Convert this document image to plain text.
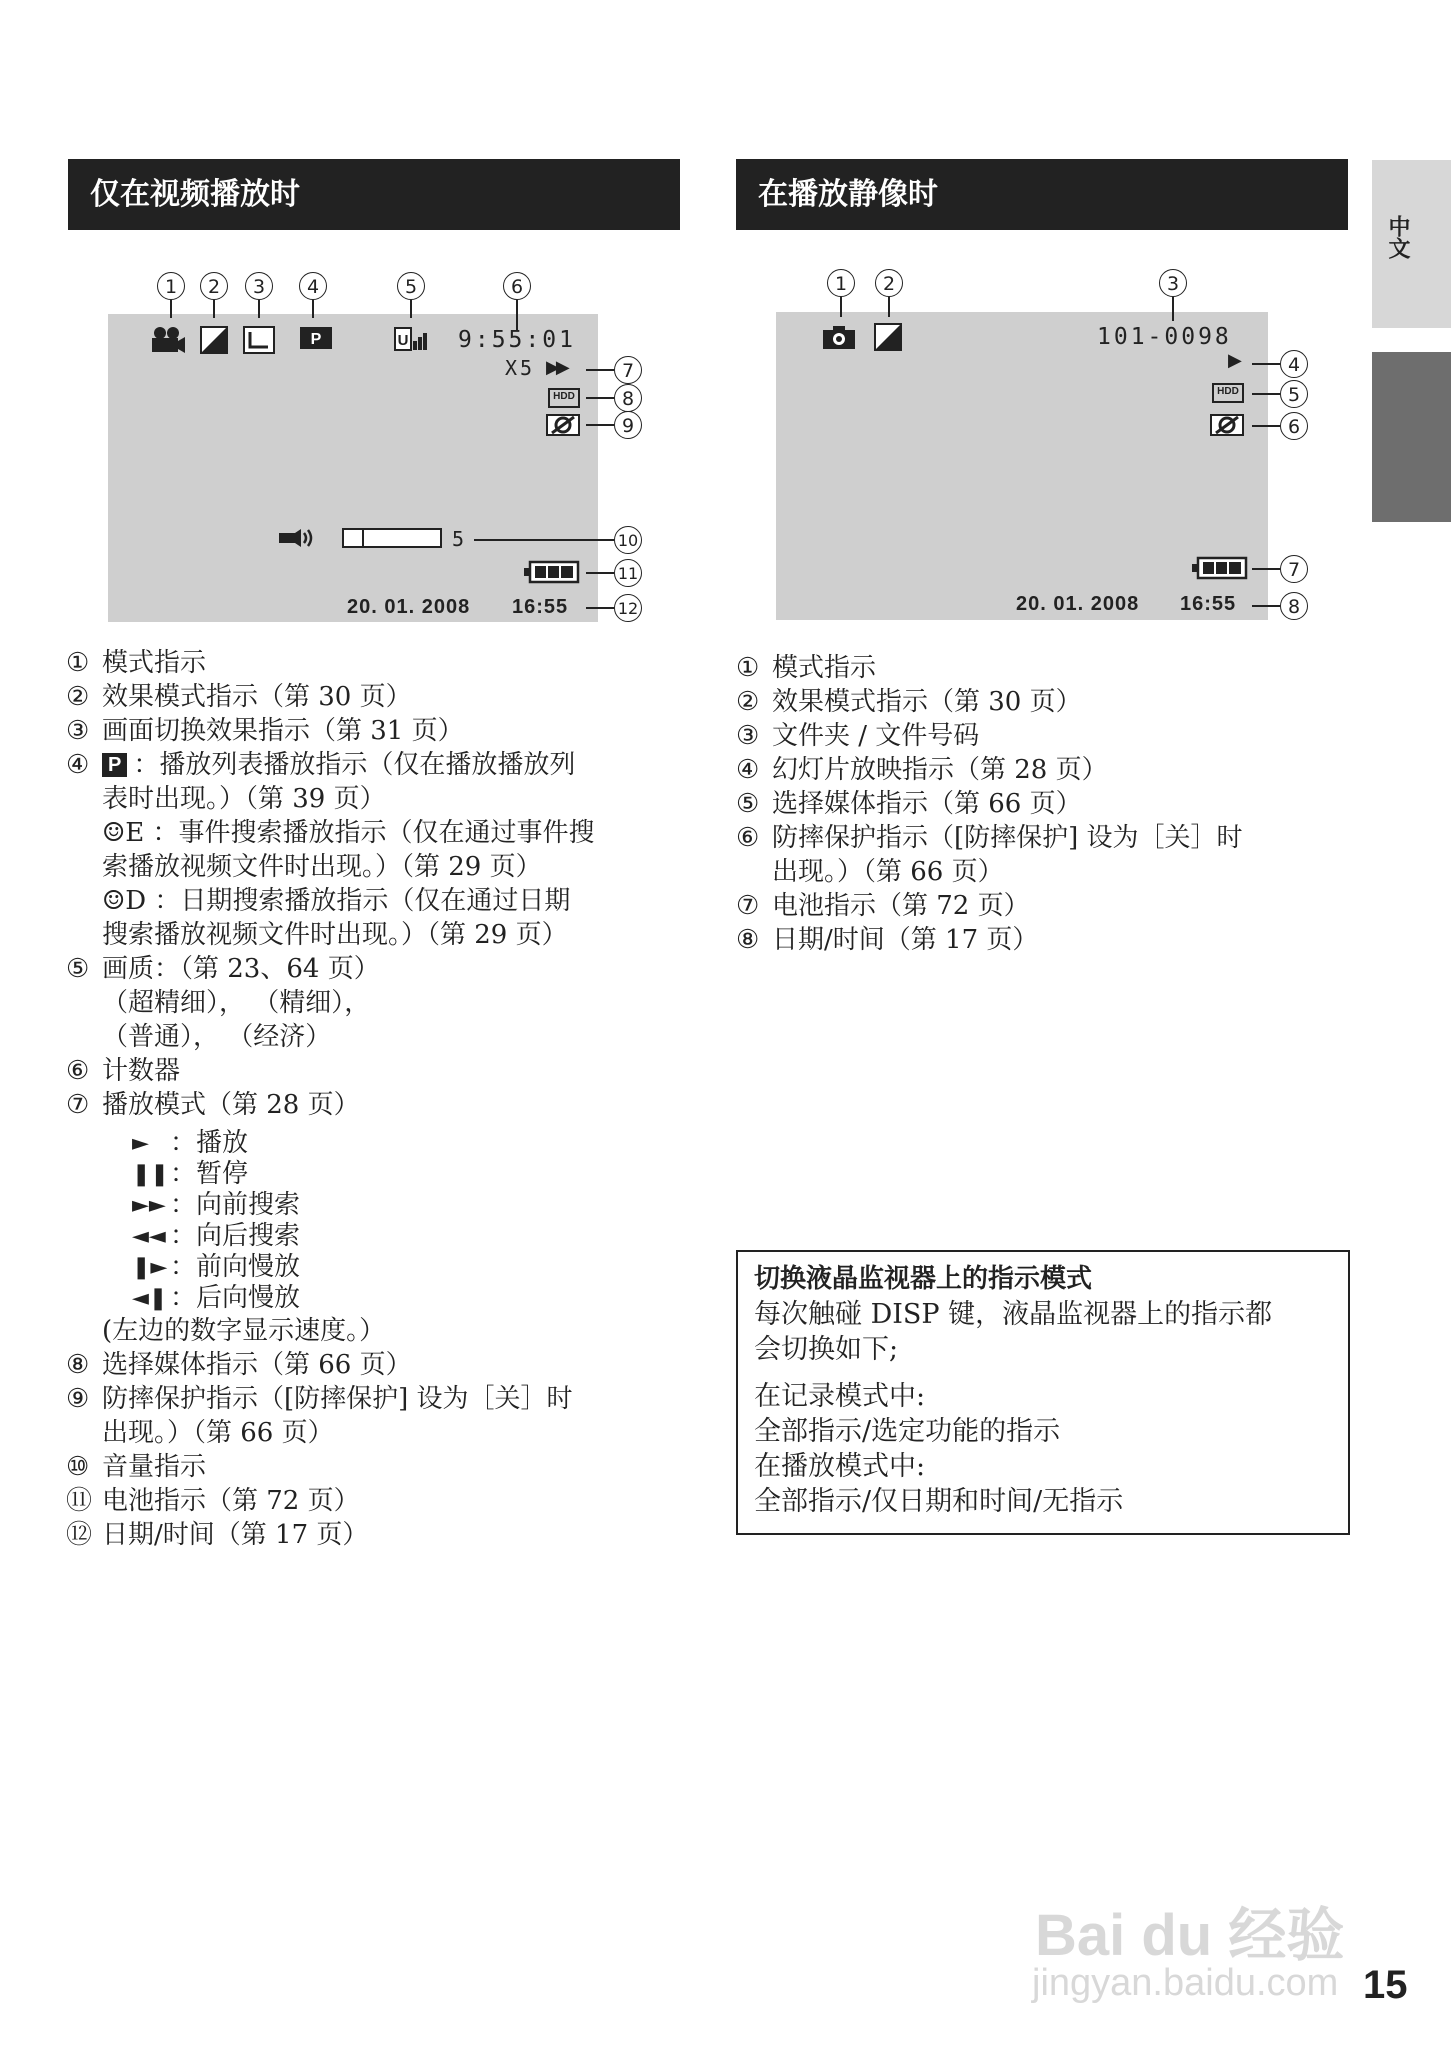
仅在视频播放时
1	2	3	4	5	6
P	U 9:55:01
X5 ▶▶	7
HDD	8
9
5	10
11
20. 01. 2008 16:55	12
① 模式指示
② 效果模式指示（第 30 页）
③ 画面切换效果指示（第 31 页）
④ P ：播放列表播放指示（仅在播放播放列
表时出现。）（第 39 页）
☺E ：事件搜索播放指示（仅在通过事件搜
索播放视频文件时出现。）（第 29 页）
☺D ：日期搜索播放指示（仅在通过日期
搜索播放视频文件时出现。）（第 29 页）
⑤ 画质：（第 23、64 页）
（超精细）， （精细），
（普通）， （经济）
⑥ 计数器
⑦ 播放模式（第 28 页）
► ：播放
❚❚ ：暂停
►► ：向前搜索
◄◄ ：向后搜索
❚► ：前向慢放
◄❚ ：后向慢放
(左边的数字显示速度。）
⑧ 选择媒体指示（第 66 页）
⑨ 防摔保护指示（[防摔保护] 设为［关］时
出现。）（第 66 页）
⑩ 音量指示
⑪ 电池指示（第 72 页）
⑫ 日期/时间（第 17 页）
在播放静像时
1	2	3
101-0098
▶	4
HDD	5
6
7
20. 01. 2008 16:55	8
① 模式指示
② 效果模式指示（第 30 页）
③ 文件夹 / 文件号码
④ 幻灯片放映指示（第 28 页）
⑤ 选择媒体指示（第 66 页）
⑥ 防摔保护指示（[防摔保护] 设为［关］时
出现。）（第 66 页）
⑦ 电池指示（第 72 页）
⑧ 日期/时间（第 17 页）
切换液晶监视器上的指示模式
每次触碰 DISP 键，液晶监视器上的指示都
会切换如下;
在记录模式中:
全部指示/选定功能的指示
在播放模式中:
全部指示/仅日期和时间/无指示
中文
Bai du 经验
jingyan.baidu.com 15
